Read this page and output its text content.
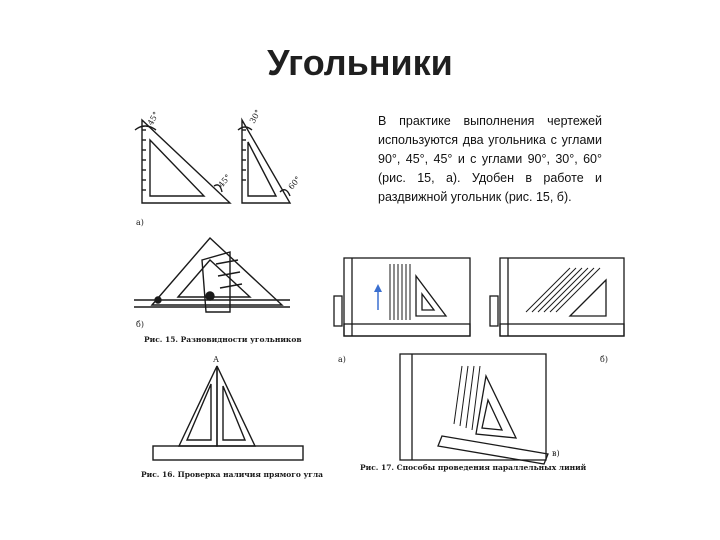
Угольники
В практике выполнения чертежей используются два угольника с углами 90°, 45°, 45° и с углами 90°, 30°, 60° (рис. 15, а). Удобен в работе и раздвижной угольник (рис. 15, б).
45°
45°
30°
60°
а)
б)
Рис. 15. Разновидности угольников
А
Рис. 16. Проверка наличия прямого угла
а)	б)
в)
Рис. 17. Способы проведения параллельных линий
